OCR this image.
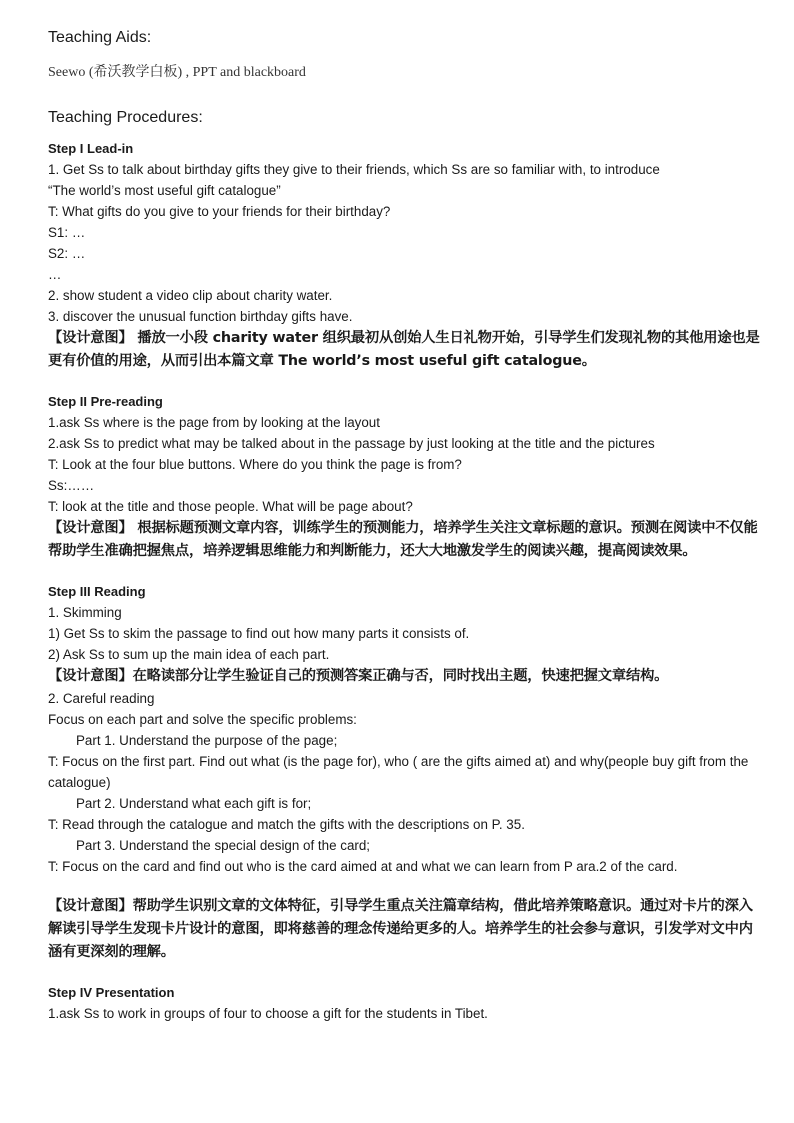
Teaching Aids:
Seewo (希沃教学白板) , PPT and blackboard
Teaching Procedures:
Step I Lead-in
1. Get Ss to talk about birthday gifts they give to their friends, which Ss are so familiar with, to introduce
“The world’s most useful gift catalogue”
T: What gifts do you give to your friends for their birthday?
S1: …
S2: …
…
2. show student a video clip about charity water.
3. discover the unusual function birthday gifts have.
【设计意图】 播放一小段 charity water 组织最初从创始人生日礼物开始，引导学生们发现礼物的其他用途也是更有价值的用途，从而引出本篇文章 The world’s most useful gift catalogue。
Step II Pre-reading
1.ask Ss where is the page from by looking at the layout
2.ask Ss to predict what may be talked about in the passage by just looking at the title and the pictures
T: Look at the four blue buttons. Where do you think the page is from?
Ss:……
T: look at the title and those people. What will be page about?
【设计意图】 根据标题预测文章内容，训练学生的预测能力，培养学生关注文章标题的意识。预测在阅读中不仅能帮助学生准确把握焦点，培养逻辑思维能力和判断能力，还大大地激发学生的阅读兴趣，提高阅读效果。
Step III Reading
1. Skimming
1) Get Ss to skim the passage to find out how many parts it consists of.
2) Ask Ss to sum up the main idea of each part.
【设计意图】在略读部分让学生验证自己的预测答案正确与否，同时找出主题，快速把握文章结构。
2. Careful reading
Focus on each part and solve the specific problems:
Part 1. Understand the purpose of the page;
T: Focus on the first part. Find out what (is the page for), who ( are the gifts aimed at) and why(people buy gift from the catalogue)
Part 2. Understand what each gift is for;
T: Read through the catalogue and match the gifts with the descriptions on P. 35.
Part 3. Understand the special design of the card;
T: Focus on the card and find out who is the card aimed at and what we can learn from P ara.2 of the card.
【设计意图】帮助学生识别文章的文体特征，引导学生重点关注篇章结构，借此培养策略意识。通过对卡片的深入解读引导学生发现卡片设计的意图，即将慈善的理念传递给更多的人。培养学生的社会参与意识，引发学对文中内涵有更深刻的理解。
Step IV Presentation
1.ask Ss to work in groups of four to choose a gift for the students in Tibet.
